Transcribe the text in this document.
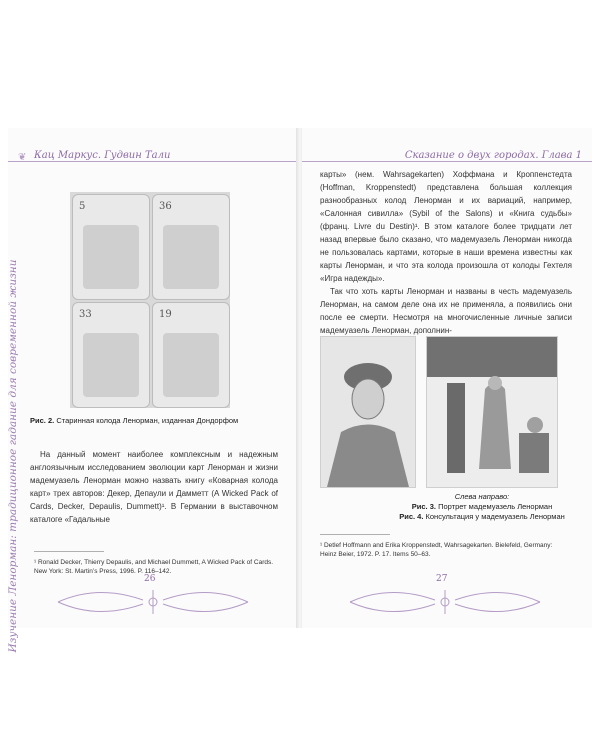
❦ Кац Маркус. Гудвин Тали
Изучение Ленорман: традиционное гадание для современной жизни
5	36
33	19
Рис. 2. Старинная колода Ленорман, изданная Дондорфом

На данный момент наиболее комплексным и надежным англоязычным исследованием эволюции карт Ленорман и жизни мадемуазель Ленорман можно назвать книгу «Коварная колода карт» трех авторов: Декер, Депаули и Дамметт (A Wicked Pack of Cards, Decker, Depaulis, Dummett)¹. В Германии в выставочном каталоге «Гадальные

¹ Ronald Decker, Thierry Depaulis, and Michael Dummett, A Wicked Pack of Cards. New York: St. Martin’s Press, 1996. P. 116–142.
26
Сказание о двух городах. Глава 1

карты» (нем. Wahrsagekarten) Хоффмана и Кроппенстедта (Hoffman, Kroppenstedt) представлена большая коллекция разнообразных колод Ленорман и их вариаций, например, «Салонная сивилла» (Sybil of the Salons) и «Книга судьбы» (франц. Livre du Destin)¹. В этом каталоге более тридцати лет назад впервые было сказано, что мадемуазель Ленорман никогда не пользовалась картами, которые в наши времена известны как карты Ленорман, и что эта колода произошла от колоды Гехтеля «Игра надежды».

Так что хоть карты Ленорман и названы в честь мадемуазель Ленорман, на самом деле она их не применяла, а появились они после ее смерти. Несмотря на многочисленные личные записи мадемуазель Ленорман, дополнин-

Слева направо:
Рис. 3. Портрет мадемуазель Ленорман
Рис. 4. Консультация у мадемуазель Ленорман
¹ Detlef Hoffmann and Erika Kroppenstedt, Wahrsagekarten. Bielefeld, Germany: Heinz Beier, 1972. P. 17. Items 50–63.
27
